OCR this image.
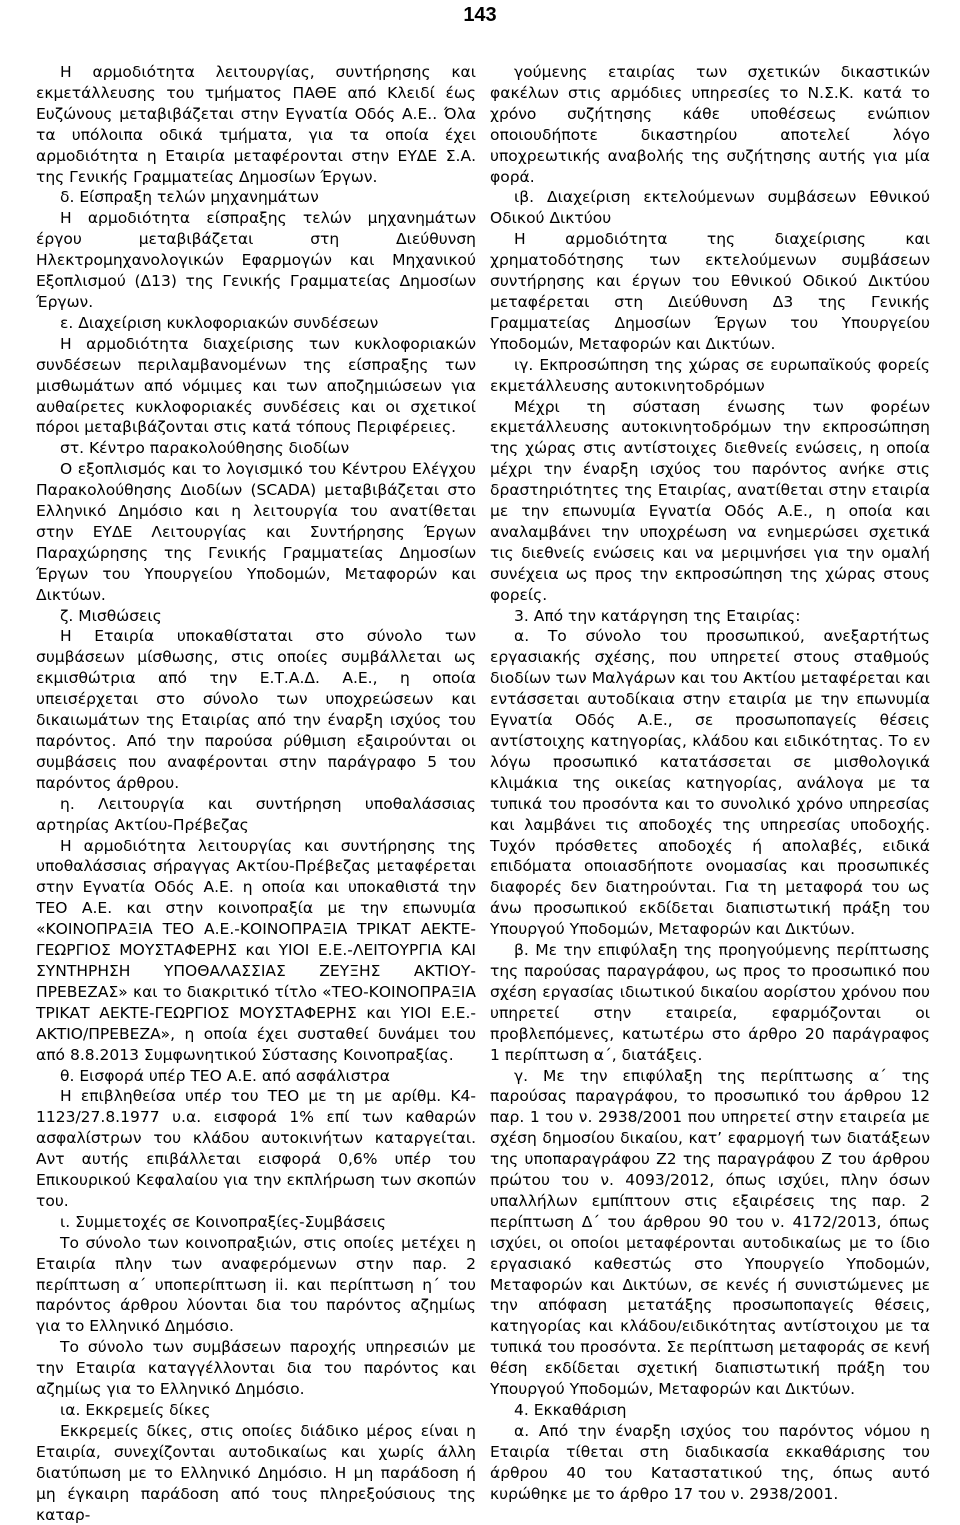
143

Η αρμοδιότητα λειτουργίας, συντήρησης και εκμετάλλευσης του τμήματος ΠΑΘΕ από Κλειδί έως Ευζώνους μεταβιβάζεται στην Εγνατία Οδός Α.Ε.. Όλα τα υπόλοιπα οδικά τμήματα, για τα οποία έχει αρμοδιότητα η Εταιρία μεταφέρονται στην ΕΥΔΕ Σ.Α. της Γενικής Γραμματείας Δημοσίων Έργων.

δ. Είσπραξη τελών μηχανημάτων

Η αρμοδιότητα είσπραξης τελών μηχανημάτων έργου μεταβιβάζεται στη Διεύθυνση Ηλεκτρομηχανολογικών Εφαρμογών και Μηχανικού Εξοπλισμού (Δ13) της Γενικής Γραμματείας Δημοσίων Έργων.

ε. Διαχείριση κυκλοφοριακών συνδέσεων

Η αρμοδιότητα διαχείρισης των κυκλοφοριακών συνδέσεων περιλαμβανομένων της είσπραξης των μισθωμάτων από νόμιμες και των αποζημιώσεων για αυθαίρετες κυκλοφοριακές συνδέσεις και οι σχετικοί πόροι μεταβιβάζονται στις κατά τόπους Περιφέρειες.

στ. Κέντρο παρακολούθησης διοδίων

Ο εξοπλισμός και το λογισμικό του Κέντρου Ελέγχου Παρακολούθησης Διοδίων (SCADA) μεταβιβάζεται στο Ελληνικό Δημόσιο και η λειτουργία του ανατίθεται στην ΕΥΔΕ Λειτουργίας και Συντήρησης Έργων Παραχώρησης της Γενικής Γραμματείας Δημοσίων Έργων του Υπουργείου Υποδομών, Μεταφορών και Δικτύων.

ζ. Μισθώσεις

Η Εταιρία υποκαθίσταται στο σύνολο των συμβάσεων μίσθωσης, στις οποίες συμβάλλεται ως εκμισθώτρια από την Ε.Τ.Α.Δ. Α.Ε., η οποία υπεισέρχεται στο σύνολο των υποχρεώσεων και δικαιωμάτων της Εταιρίας από την έναρξη ισχύος του παρόντος. Από την παρούσα ρύθμιση εξαιρούνται οι συμβάσεις που αναφέρονται στην παράγραφο 5 του παρόντος άρθρου.

η. Λειτουργία και συντήρηση υποθαλάσσιας αρτηρίας Ακτίου-Πρέβεζας

Η αρμοδιότητα λειτουργίας και συντήρησης της υποθαλάσσιας σήραγγας Ακτίου-Πρέβεζας μεταφέρεται στην Εγνατία Οδός Α.Ε. η οποία και υποκαθιστά την ΤΕΟ Α.Ε. και στην κοινοπραξία με την επωνυμία «ΚΟΙΝΟΠΡΑΞΙΑ ΤΕΟ Α.Ε.-ΚΟΙΝΟΠΡΑΞΙΑ ΤΡΙΚΑΤ ΑΕΚΤΕ-ΓΕΩΡΓΙΟΣ ΜΟΥΣΤΑΦΕΡΗΣ και ΥΙΟΙ Ε.Ε.-ΛΕΙΤΟΥΡΓΙΑ ΚΑΙ ΣΥΝΤΗΡΗΣΗ ΥΠΟΘΑΛΑΣΣΙΑΣ ΖΕΥΞΗΣ ΑΚΤΙΟΥ-ΠΡΕΒΕΖΑΣ» και το διακριτικό τίτλο «ΤΕΟ-ΚΟΙΝΟΠΡΑΞΙΑ ΤΡΙΚΑΤ ΑΕΚΤΕ-ΓΕΩΡΓΙΟΣ ΜΟΥΣΤΑΦΕΡΗΣ και ΥΙΟΙ Ε.Ε.-ΑΚΤΙΟ/ΠΡΕΒΕΖΑ», η οποία έχει συσταθεί δυνάμει του από 8.8.2013 Συμφωνητικού Σύστασης Κοινοπραξίας.

θ. Εισφορά υπέρ ΤΕΟ Α.Ε. από ασφάλιστρα

Η επιβληθείσα υπέρ του ΤΕΟ με τη με αρίθμ. Κ4-1123/27.8.1977 υ.α. εισφορά 1% επί των καθαρών ασφαλίστρων του κλάδου αυτοκινήτων καταργείται. Αντ αυτής επιβάλλεται εισφορά 0,6% υπέρ του Επικουρικού Κεφαλαίου για την εκπλήρωση των σκοπών του.

ι. Συμμετοχές σε Κοινοπραξίες-Συμβάσεις

Το σύνολο των κοινοπραξιών, στις οποίες μετέχει η Εταιρία πλην των αναφερόμενων στην παρ. 2 περίπτωση α΄ υποπερίπτωση ii. και περίπτωση η΄ του παρόντος άρθρου λύονται δια του παρόντος αζημίως για το Ελληνικό Δημόσιο.

Το σύνολο των συμβάσεων παροχής υπηρεσιών με την Εταιρία καταγγέλλονται δια του παρόντος και αζημίως για το Ελληνικό Δημόσιο.

ια. Εκκρεμείς δίκες

Εκκρεμείς δίκες, στις οποίες διάδικο μέρος είναι η Εταιρία, συνεχίζονται αυτοδικαίως και χωρίς άλλη διατύπωση με το Ελληνικό Δημόσιο. Η μη παράδοση ή μη έγκαιρη παράδοση από τους πληρεξούσιους της καταρ-

γούμενης εταιρίας των σχετικών δικαστικών φακέλων στις αρμόδιες υπηρεσίες το Ν.Σ.Κ. κατά το χρόνο συζήτησης κάθε υποθέσεως ενώπιον οποιουδήποτε δικαστηρίου αποτελεί λόγο υποχρεωτικής αναβολής της συζήτησης αυτής για μία φορά.

ιβ. Διαχείριση εκτελούμενων συμβάσεων Εθνικού Οδικού Δικτύου

Η αρμοδιότητα της διαχείρισης και χρηματοδότησης των εκτελούμενων συμβάσεων συντήρησης και έργων του Εθνικού Οδικού Δικτύου μεταφέρεται στη Διεύθυνση Δ3 της Γενικής Γραμματείας Δημοσίων Έργων του Υπουργείου Υποδομών, Μεταφορών και Δικτύων.

ιγ. Εκπροσώπηση της χώρας σε ευρωπαϊκούς φορείς εκμετάλλευσης αυτοκινητοδρόμων

Μέχρι τη σύσταση ένωσης των φορέων εκμετάλλευσης αυτοκινητοδρόμων την εκπροσώπηση της χώρας στις αντίστοιχες διεθνείς ενώσεις, η οποία μέχρι την έναρξη ισχύος του παρόντος ανήκε στις δραστηριότητες της Εταιρίας, ανατίθεται στην εταιρία με την επωνυμία Εγνατία Οδός Α.Ε., η οποία και αναλαμβάνει την υποχρέωση να ενημερώσει σχετικά τις διεθνείς ενώσεις και να μεριμνήσει για την ομαλή συνέχεια ως προς την εκπροσώπηση της χώρας στους φορείς.

3. Από την κατάργηση της Εταιρίας:

α. Το σύνολο του προσωπικού, ανεξαρτήτως εργασιακής σχέσης, που υπηρετεί στους σταθμούς διοδίων των Μαλγάρων και του Ακτίου μεταφέρεται και εντάσσεται αυτοδίκαια στην εταιρία με την επωνυμία Εγνατία Οδός Α.Ε., σε προσωποπαγείς θέσεις αντίστοιχης κατηγορίας, κλάδου και ειδικότητας. Το εν λόγω προσωπικό κατατάσσεται σε μισθολογικά κλιμάκια της οικείας κατηγορίας, ανάλογα με τα τυπικά του προσόντα και το συνολικό χρόνο υπηρεσίας και λαμβάνει τις αποδοχές της υπηρεσίας υποδοχής. Τυχόν πρόσθετες αποδοχές ή απολαβές, ειδικά επιδόματα οποιασδήποτε ονομασίας και προσωπικές διαφορές δεν διατηρούνται. Για τη μεταφορά του ως άνω προσωπικού εκδίδεται διαπιστωτική πράξη του Υπουργού Υποδομών, Μεταφορών και Δικτύων.

β. Με την επιφύλαξη της προηγούμενης περίπτωσης της παρούσας παραγράφου, ως προς το προσωπικό που σχέση εργασίας ιδιωτικού δικαίου αορίστου χρόνου που υπηρετεί στην εταιρεία, εφαρμόζονται οι προβλεπόμενες, κατωτέρω στο άρθρο 20 παράγραφος 1 περίπτωση α΄, διατάξεις.

γ. Με την επιφύλαξη της περίπτωσης α΄ της παρούσας παραγράφου, το προσωπικό του άρθρου 12 παρ. 1 του ν. 2938/2001 που υπηρετεί στην εταιρεία με σχέση δημοσίου δικαίου, κατ’ εφαρμογή των διατάξεων της υποπαραγράφου Ζ2 της παραγράφου Ζ του άρθρου πρώτου του ν. 4093/2012, όπως ισχύει, πλην όσων υπαλλήλων εμπίπτουν στις εξαιρέσεις της παρ. 2 περίπτωση Δ΄ του άρθρου 90 του ν. 4172/2013, όπως ισχύει, οι οποίοι μεταφέρονται αυτοδικαίως με το ίδιο εργασιακό καθεστώς στο Υπουργείο Υποδομών, Μεταφορών και Δικτύων, σε κενές ή συνιστώμενες με την απόφαση μετατάξης προσωποπαγείς θέσεις, κατηγορίας και κλάδου/ειδικότητας αντίστοιχου με τα τυπικά του προσόντα. Σε περίπτωση μεταφοράς σε κενή θέση εκδίδεται σχετική διαπιστωτική πράξη του Υπουργού Υποδομών, Μεταφορών και Δικτύων.

4. Εκκαθάριση

α. Από την έναρξη ισχύος του παρόντος νόμου η Εταιρία τίθεται στη διαδικασία εκκαθάρισης του άρθρου 40 του Καταστατικού της, όπως αυτό κυρώθηκε με το άρθρο 17 του ν. 2938/2001.
